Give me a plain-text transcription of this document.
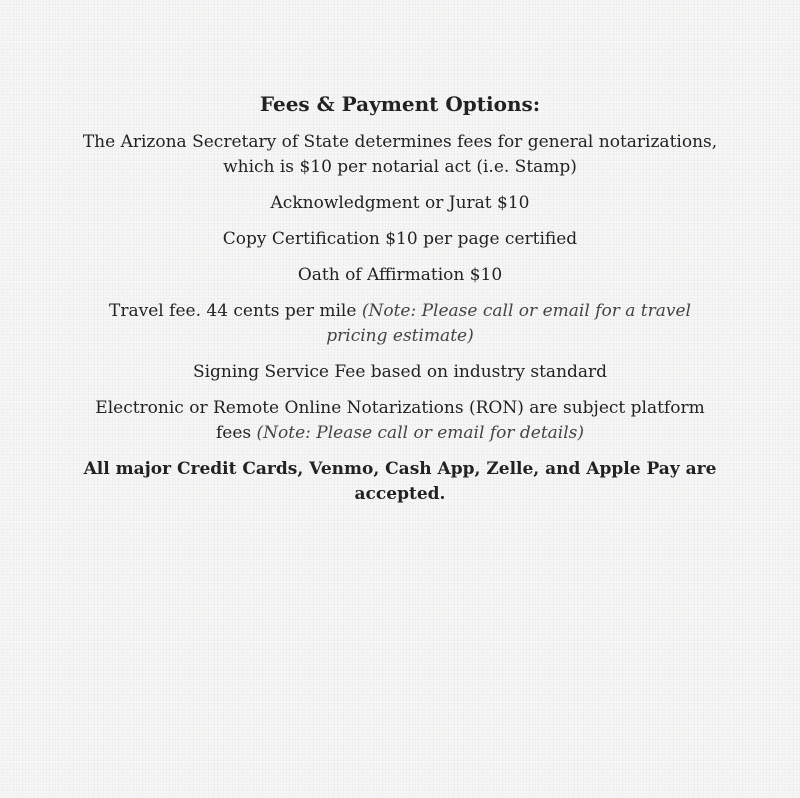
Fees & Payment Options:

The Arizona Secretary of State determines fees for general notarizations, which is $10 per notarial act (i.e. Stamp)

Acknowledgment or Jurat $10

Copy Certification $10 per page certified

Oath of Affirmation $10

Travel fee. 44 cents per mile (Note: Please call or email for a travel pricing estimate)

Signing Service Fee based on industry standard

Electronic or Remote Online Notarizations (RON) are subject platform fees (Note: Please call or email for details)

All major Credit Cards, Venmo, Cash App, Zelle, and Apple Pay are accepted.
